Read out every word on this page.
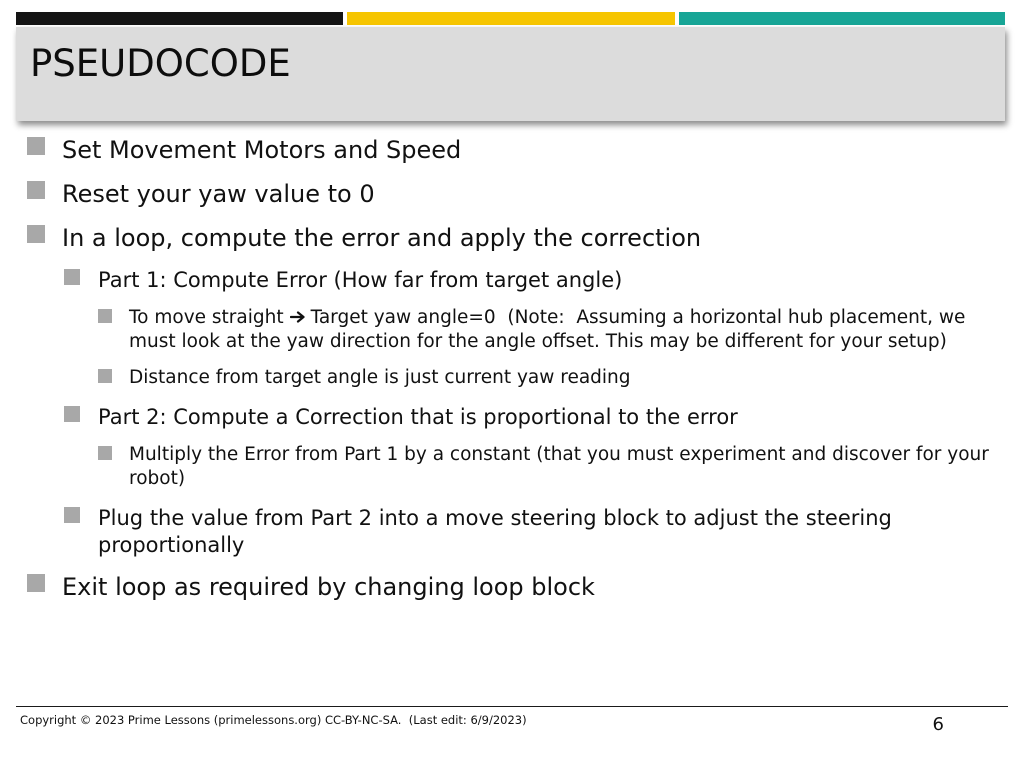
PSEUDOCODE
Set Movement Motors and Speed
Reset your yaw value to 0
In a loop, compute the error and apply the correction
Part 1: Compute Error (How far from target angle)
To move straight Target yaw angle=0  (Note:  Assuming a horizontal hub placement, we must look at the yaw direction for the angle offset. This may be different for your setup)
Distance from target angle is just current yaw reading
Part 2: Compute a Correction that is proportional to the error
Multiply the Error from Part 1 by a constant (that you must experiment and discover for your robot)
Plug the value from Part 2 into a move steering block to adjust the steering proportionally
Exit loop as required by changing loop block
Copyright © 2023 Prime Lessons (primelessons.org) CC-BY-NC-SA.  (Last edit: 6/9/2023)	6
